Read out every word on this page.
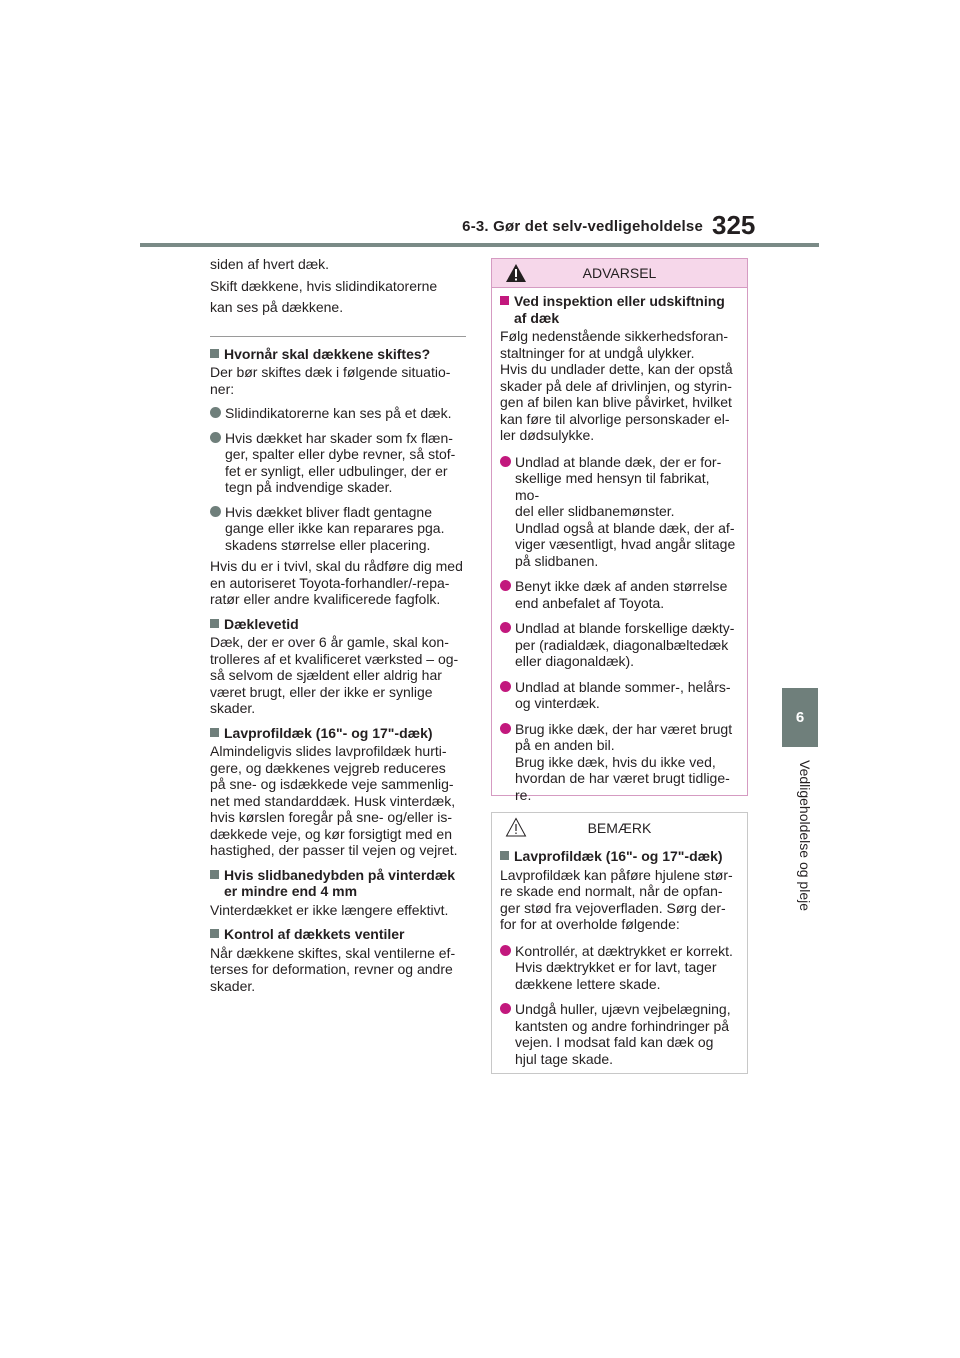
6-3. Gør det selv-vedligeholdelse 325
6
Vedligeholdelse og pleje

siden af hvert dæk.

Skift dækkene, hvis slidindikatorerne

kan ses på dækkene.

Hvornår skal dækkene skiftes?

Der bør skiftes dæk i følgende situatio-
ner:

Slidindikatorerne kan ses på et dæk.
Hvis dækket har skader som fx flæn-
ger, spalter eller dybe revner, så stof-
fet er synligt, eller udbulinger, der er
tegn på indvendige skader.
Hvis dækket bliver fladt gentagne
gange eller ikke kan reparares pga.
skadens størrelse eller placering.

Hvis du er i tvivl, skal du rådføre dig med
en autoriseret Toyota-forhandler/-repa-
ratør eller andre kvalificerede fagfolk.

Dæklevetid

Dæk, der er over 6 år gamle, skal kon-
trolleres af et kvalificeret værksted – og-
så selvom de sjældent eller aldrig har
været brugt, eller der ikke er synlige
skader.

Lavprofildæk (16"- og 17"-dæk)

Almindeligvis slides lavprofildæk hurti-
gere, og dækkenes vejgreb reduceres
på sne- og isdækkede veje sammenlig-
net med standarddæk. Husk vinterdæk,
hvis kørslen foregår på sne- og/eller is-
dækkede veje, og kør forsigtigt med en
hastighed, der passer til vejen og vejret.

Hvis slidbanedybden på vinterdæk
er mindre end 4 mm

Vinterdækket er ikke længere effektivt.

Kontrol af dækkets ventiler

Når dækkene skiftes, skal ventilerne ef-
terses for deformation, revner og andre
skader.

ADVARSEL
Ved inspektion eller udskiftning
af dæk

Følg nedenstående sikkerhedsforan-
staltninger for at undgå ulykker.
Hvis du undlader dette, kan der opstå
skader på dele af drivlinjen, og styrin-
gen af bilen kan blive påvirket, hvilket
kan føre til alvorlige personskader el-
ler dødsulykke.

Undlad at blande dæk, der er for-
skellige med hensyn til fabrikat, mo-
del eller slidbanemønster.
Undlad også at blande dæk, der af-
viger væsentligt, hvad angår slitage
på slidbanen.
Benyt ikke dæk af anden størrelse
end anbefalet af Toyota.
Undlad at blande forskellige dækty-
per (radialdæk, diagonalbæltedæk
eller diagonaldæk).
Undlad at blande sommer-, helårs-
og vinterdæk.
Brug ikke dæk, der har været brugt
på en anden bil.
Brug ikke dæk, hvis du ikke ved,
hvordan de har været brugt tidlige-
re.
BEMÆRK
Lavprofildæk (16"- og 17"-dæk)

Lavprofildæk kan påføre hjulene stør-
re skade end normalt, når de opfan-
ger stød fra vejoverfladen. Sørg der-
for for at overholde følgende:

Kontrollér, at dæktrykket er korrekt.
Hvis dæktrykket er for lavt, tager
dækkene lettere skade.
Undgå huller, ujævn vejbelægning,
kantsten og andre forhindringer på
vejen. I modsat fald kan dæk og
hjul tage skade.
